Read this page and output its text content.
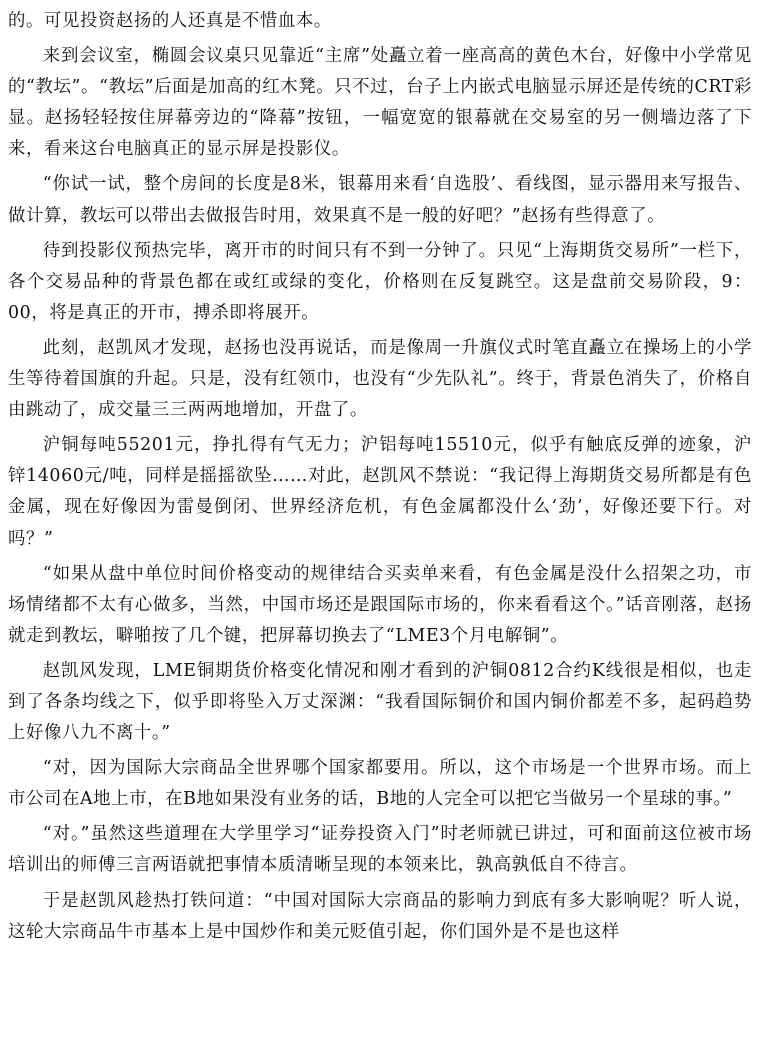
的。可见投资赵扬的人还真是不惜血本。

来到会议室，椭圆会议桌只见靠近“主席”处矗立着一座高高的黄色木台，好像中小学常见的“教坛”。“教坛”后面是加高的红木凳。只不过，台子上内嵌式电脑显示屏还是传统的CRT彩显。赵扬轻轻按住屏幕旁边的“降幕”按钮，一幅宽宽的银幕就在交易室的另一侧墙边落了下来，看来这台电脑真正的显示屏是投影仪。

“你试一试，整个房间的长度是8米，银幕用来看‘自选股’、看线图，显示器用来写报告、做计算，教坛可以带出去做报告时用，效果真不是一般的好吧？”赵扬有些得意了。

待到投影仪预热完毕，离开市的时间只有不到一分钟了。只见“上海期货交易所”一栏下，各个交易品种的背景色都在或红或绿的变化，价格则在反复跳空。这是盘前交易阶段，9：00，将是真正的开市，搏杀即将展开。

此刻，赵凯风才发现，赵扬也没再说话，而是像周一升旗仪式时笔直矗立在操场上的小学生等待着国旗的升起。只是，没有红领巾，也没有“少先队礼”。终于，背景色消失了，价格自由跳动了，成交量三三两两地增加，开盘了。

沪铜每吨55201元，挣扎得有气无力；沪铝每吨15510元，似乎有触底反弹的迹象，沪锌14060元/吨，同样是摇摇欲坠……对此，赵凯风不禁说：“我记得上海期货交易所都是有色金属，现在好像因为雷曼倒闭、世界经济危机，有色金属都没什么‘劲’，好像还要下行。对吗？”

“如果从盘中单位时间价格变动的规律结合买卖单来看，有色金属是没什么招架之功，市场情绪都不太有心做多，当然，中国市场还是跟国际市场的，你来看看这个。”话音刚落，赵扬就走到教坛，噼啪按了几个键，把屏幕切换去了“LME3个月电解铜”。

赵凯风发现，LME铜期货价格变化情况和刚才看到的沪铜0812合约K线很是相似，也走到了各条均线之下，似乎即将坠入万丈深渊：“我看国际铜价和国内铜价都差不多，起码趋势上好像八九不离十。”

“对，因为国际大宗商品全世界哪个国家都要用。所以，这个市场是一个世界市场。而上市公司在A地上市，在B地如果没有业务的话，B地的人完全可以把它当做另一个星球的事。”

“对。”虽然这些道理在大学里学习“证券投资入门”时老师就已讲过，可和面前这位被市场培训出的师傅三言两语就把事情本质清晰呈现的本领来比，孰高孰低自不待言。

于是赵凯风趁热打铁问道：“中国对国际大宗商品的影响力到底有多大影响呢？听人说，这轮大宗商品牛市基本上是中国炒作和美元贬值引起，你们国外是不是也这样
